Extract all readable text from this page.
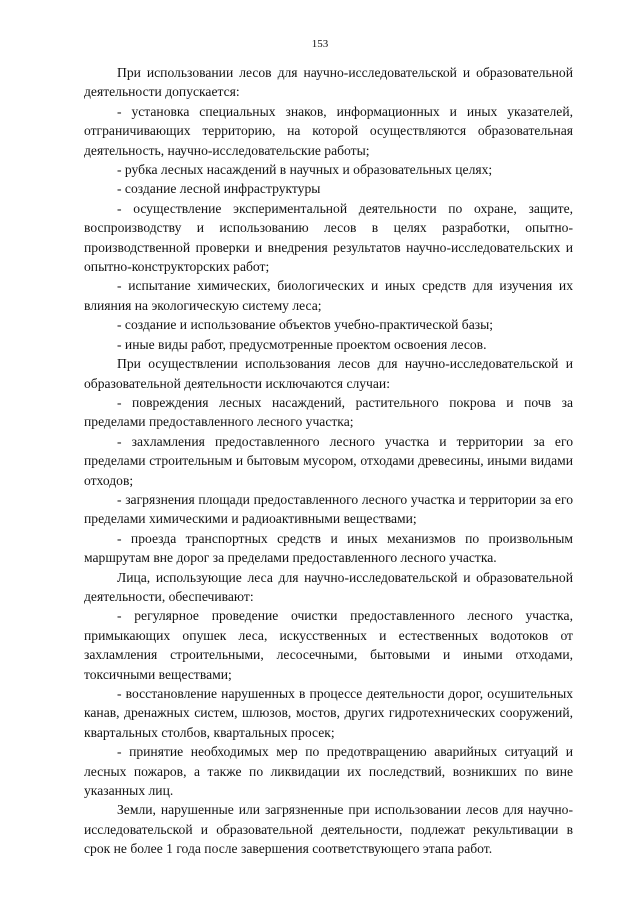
153

При использовании лесов для научно-исследовательской и образовательной деятельности допускается:

- установка специальных знаков, информационных и иных указателей, отграничивающих территорию, на которой осуществляются образовательная деятельность, научно-исследовательские работы;

- рубка лесных насаждений в научных и образовательных целях;

- создание лесной инфраструктуры

- осуществление экспериментальной деятельности по охране, защите, воспроизводству и использованию лесов в целях разработки, опытно-производственной проверки и внедрения результатов научно-исследовательских и опытно-конструкторских работ;

- испытание химических, биологических и иных средств для изучения их влияния на экологическую систему леса;

- создание и использование объектов учебно-практической базы;

- иные виды работ, предусмотренные проектом освоения лесов.

При осуществлении использования лесов для научно-исследовательской и образовательной деятельности исключаются случаи:

- повреждения лесных насаждений, растительного покрова и почв за пределами предоставленного лесного участка;

- захламления предоставленного лесного участка и территории за его пределами строительным и бытовым мусором, отходами древесины, иными видами отходов;

- загрязнения площади предоставленного лесного участка и территории за его пределами химическими и радиоактивными веществами;

- проезда транспортных средств и иных механизмов по произвольным маршрутам вне дорог за пределами предоставленного лесного участка.

Лица, использующие леса для научно-исследовательской и образовательной деятельности, обеспечивают:

- регулярное проведение очистки предоставленного лесного участка, примыкающих опушек леса, искусственных и естественных водотоков от захламления строительными, лесосечными, бытовыми и иными отходами, токсичными веществами;

- восстановление нарушенных в процессе деятельности дорог, осушительных канав, дренажных систем, шлюзов, мостов, других гидротехнических сооружений, квартальных столбов, квартальных просек;

- принятие необходимых мер по предотвращению аварийных ситуаций и лесных пожаров, а также по ликвидации их последствий, возникших по вине указанных лиц.

Земли, нарушенные или загрязненные при использовании лесов для научно-исследовательской и образовательной деятельности, подлежат рекультивации в срок не более 1 года после завершения соответствующего этапа работ.
